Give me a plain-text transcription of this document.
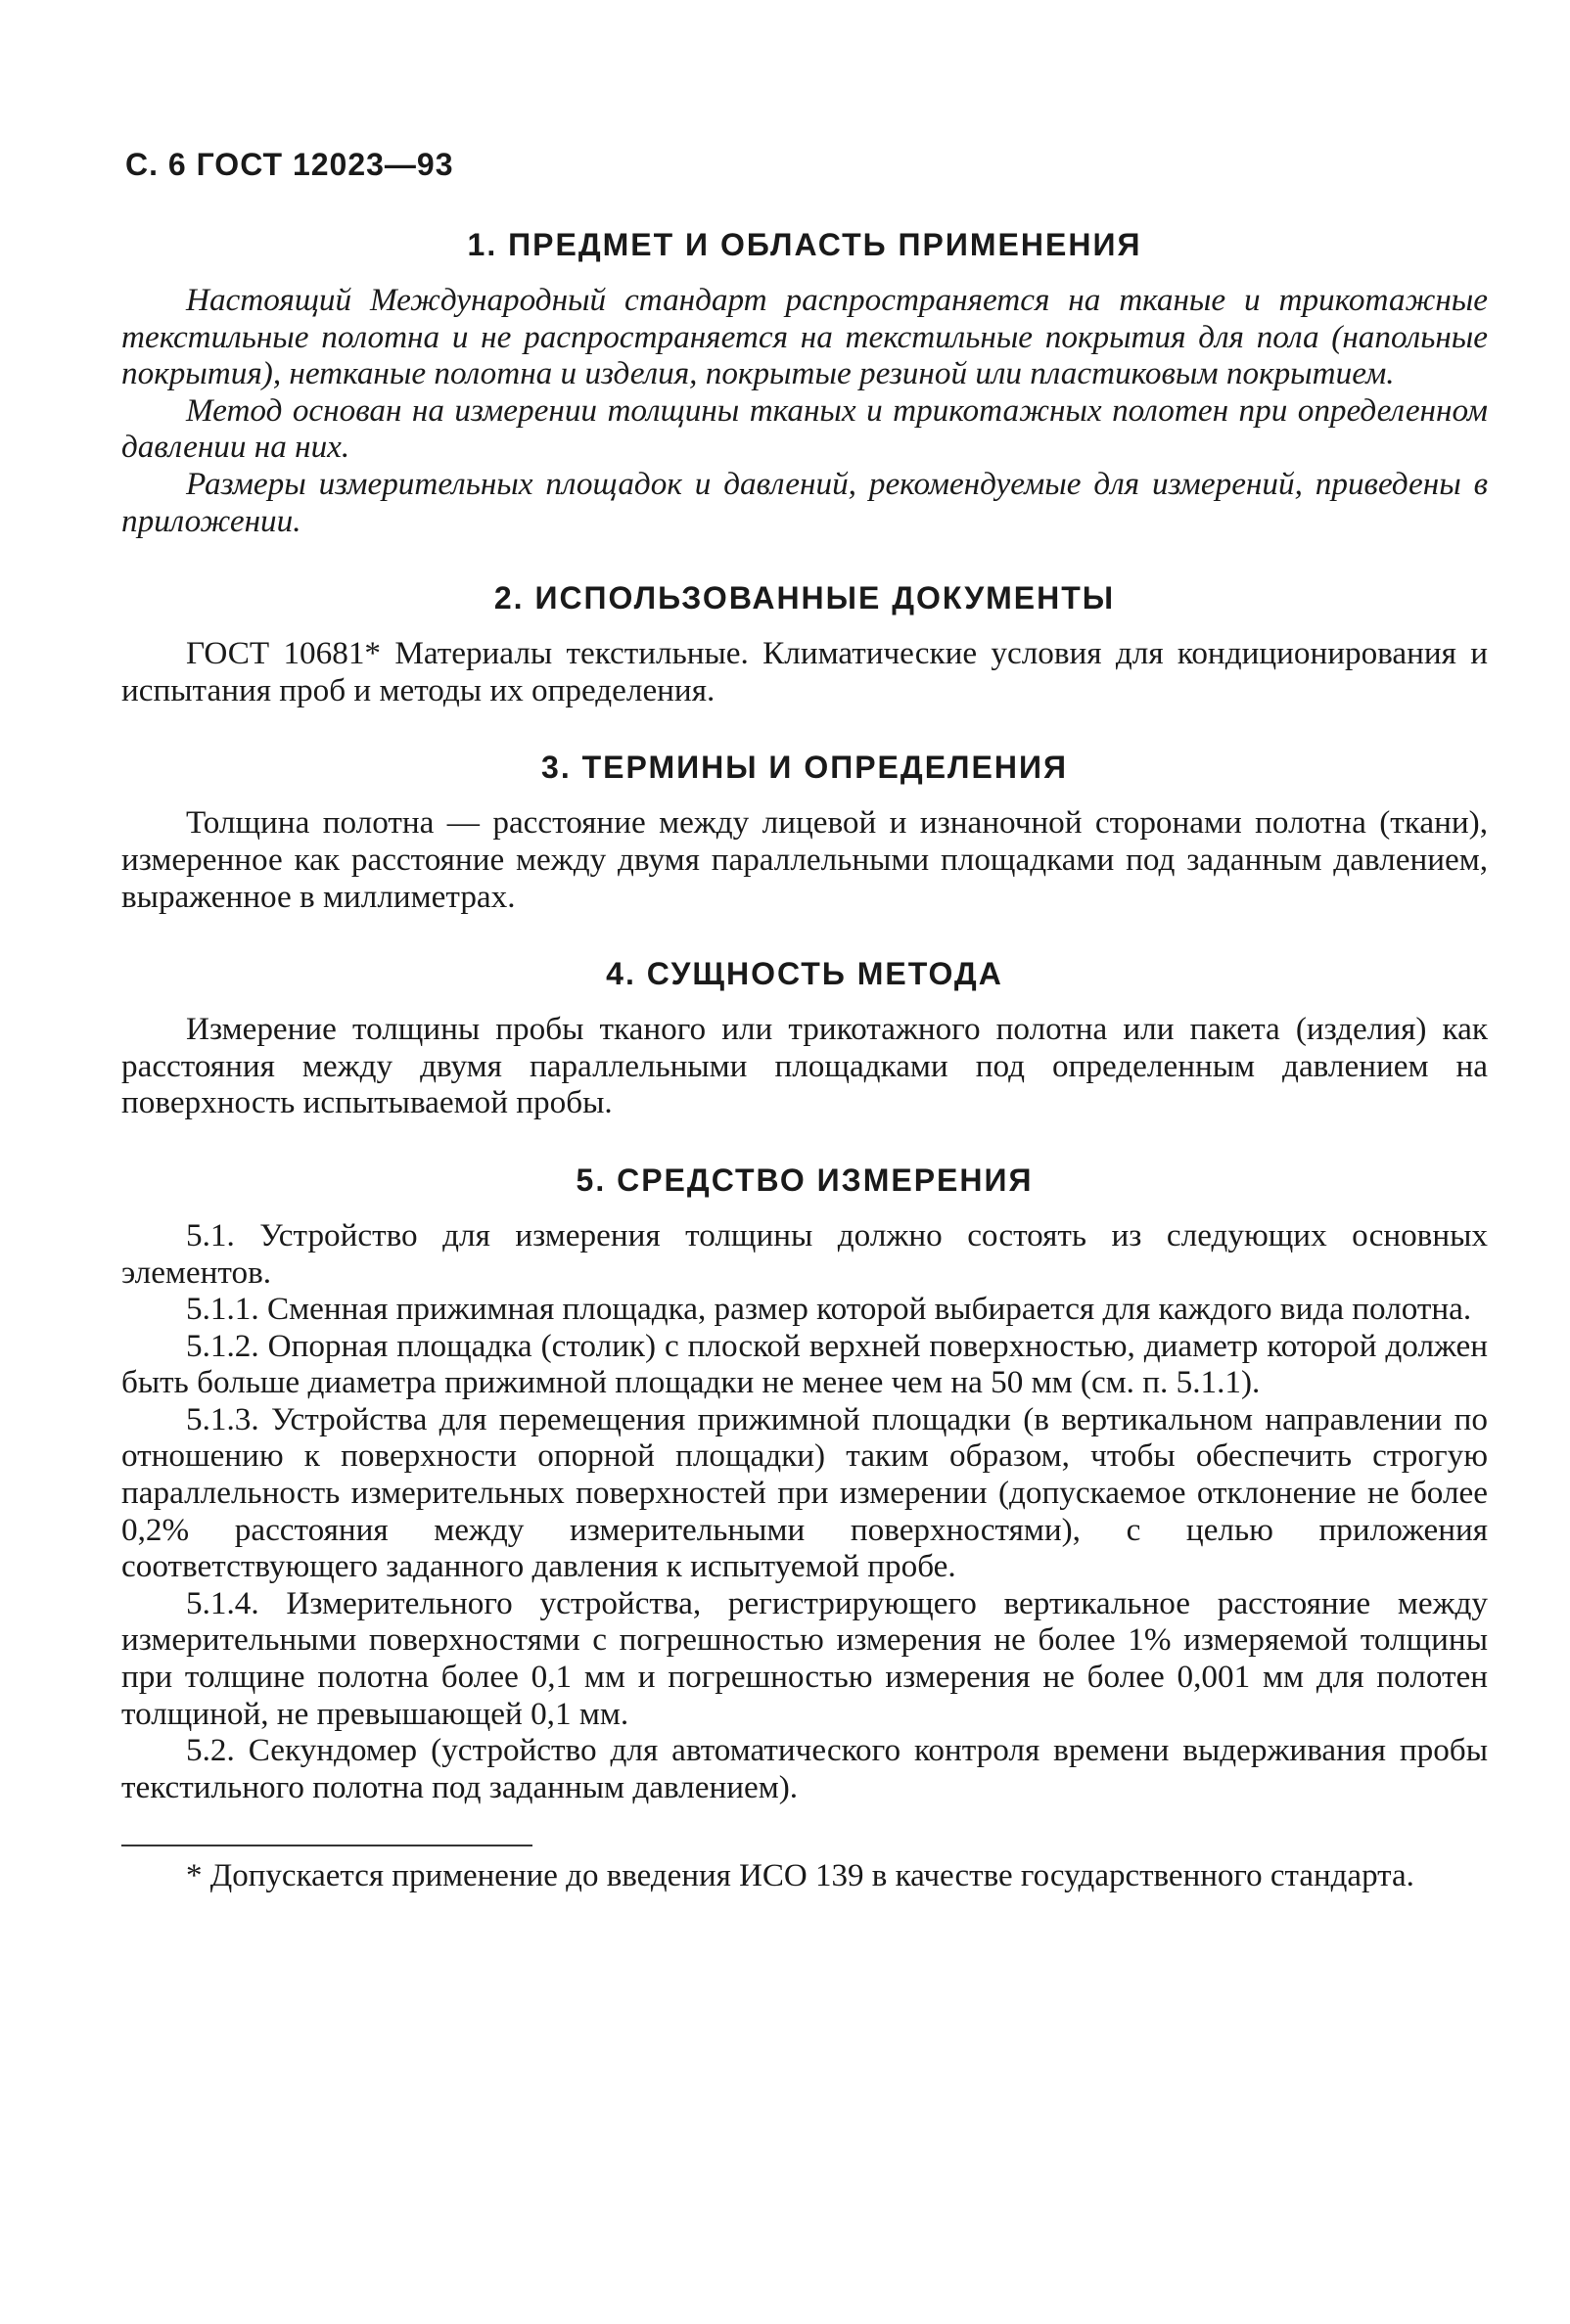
С. 6 ГОСТ 12023—93
1. ПРЕДМЕТ И ОБЛАСТЬ ПРИМЕНЕНИЯ

Настоящий Международный стандарт распространяется на тканые и трикотажные текстильные полотна и не распространяется на текстильные покрытия для пола (напольные покрытия), нетканые полотна и изделия, покрытые резиной или пластиковым покрытием.

Метод основан на измерении толщины тканых и трикотажных полотен при определенном давлении на них.

Размеры измерительных площадок и давлений, рекомендуемые для измерений, приведены в приложении.

2. ИСПОЛЬЗОВАННЫЕ ДОКУМЕНТЫ

ГОСТ 10681* Материалы текстильные. Климатические условия для кондиционирования и испытания проб и методы их определения.

3. ТЕРМИНЫ И ОПРЕДЕЛЕНИЯ

Толщина полотна — расстояние между лицевой и изнаночной сторонами полотна (ткани), измеренное как расстояние между двумя параллельными площадками под заданным давлением, выраженное в миллиметрах.

4. СУЩНОСТЬ МЕТОДА

Измерение толщины пробы тканого или трикотажного полотна или пакета (изделия) как расстояния между двумя параллельными площадками под определенным давлением на поверхность испытываемой пробы.

5. СРЕДСТВО ИЗМЕРЕНИЯ

5.1. Устройство для измерения толщины должно состоять из следующих основных элементов.

5.1.1. Сменная прижимная площадка, размер которой выбирается для каждого вида полотна.

5.1.2. Опорная площадка (столик) с плоской верхней поверхностью, диаметр которой должен быть больше диаметра прижимной площадки не менее чем на 50 мм (см. п. 5.1.1).

5.1.3. Устройства для перемещения прижимной площадки (в вертикальном направлении по отношению к поверхности опорной площадки) таким образом, чтобы обеспечить строгую параллельность измерительных поверхностей при измерении (допускаемое отклонение не более 0,2% расстояния между измерительными поверхностями), с целью приложения соответствующего заданного давления к испытуемой пробе.

5.1.4. Измерительного устройства, регистрирующего вертикальное расстояние между измерительными поверхностями с погрешностью измерения не более 1% измеряемой толщины при толщине полотна более 0,1 мм и погрешностью измерения не более 0,001 мм для полотен толщиной, не превышающей 0,1 мм.

5.2. Секундомер (устройство для автоматического контроля времени выдерживания пробы текстильного полотна под заданным давлением).

* Допускается применение до введения ИСО 139 в качестве государственного стандарта.
